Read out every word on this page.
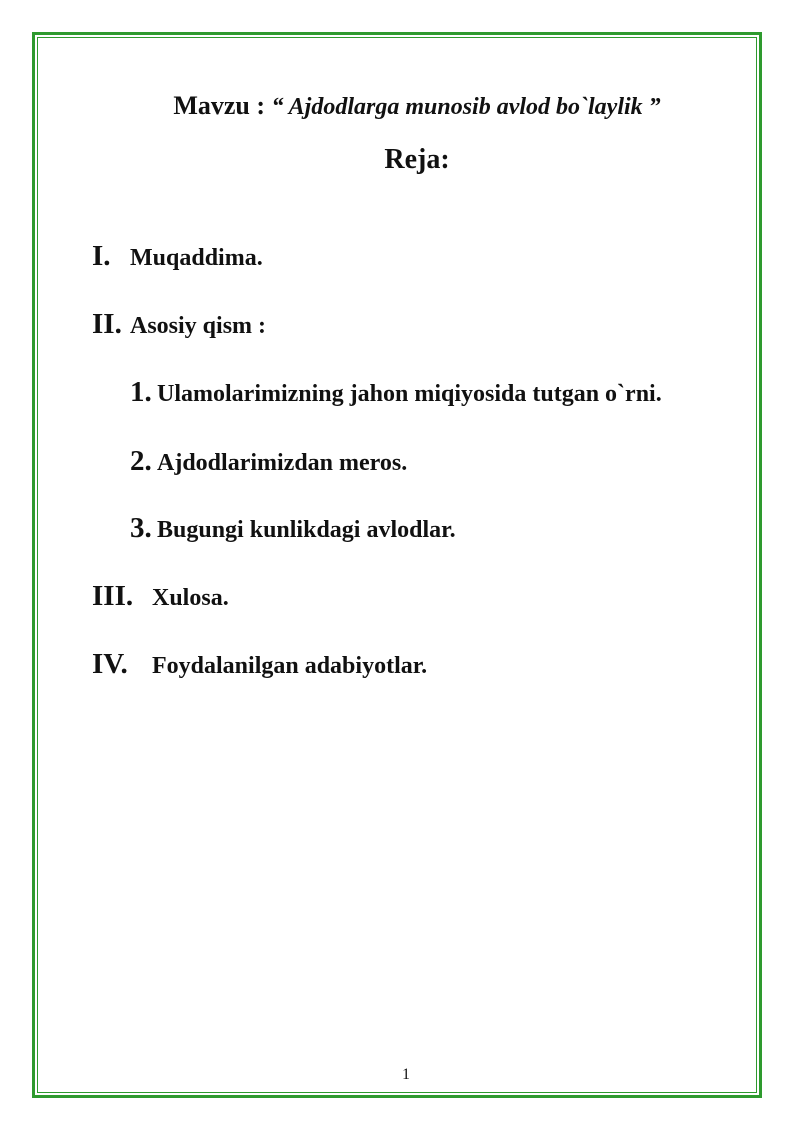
Mavzu : “ Ajdodlarga munosib avlod bo`laylik ”
Reja:
I. Muqaddima.
II. Asosiy qism :
1. Ulamolarimizning jahon miqiyosida tutgan o`rni.
2. Ajdodlarimizdan meros.
3. Bugungi kunlikdagi avlodlar.
III. Xulosa.
IV.	Foydalanilgan adabiyotlar.
1
